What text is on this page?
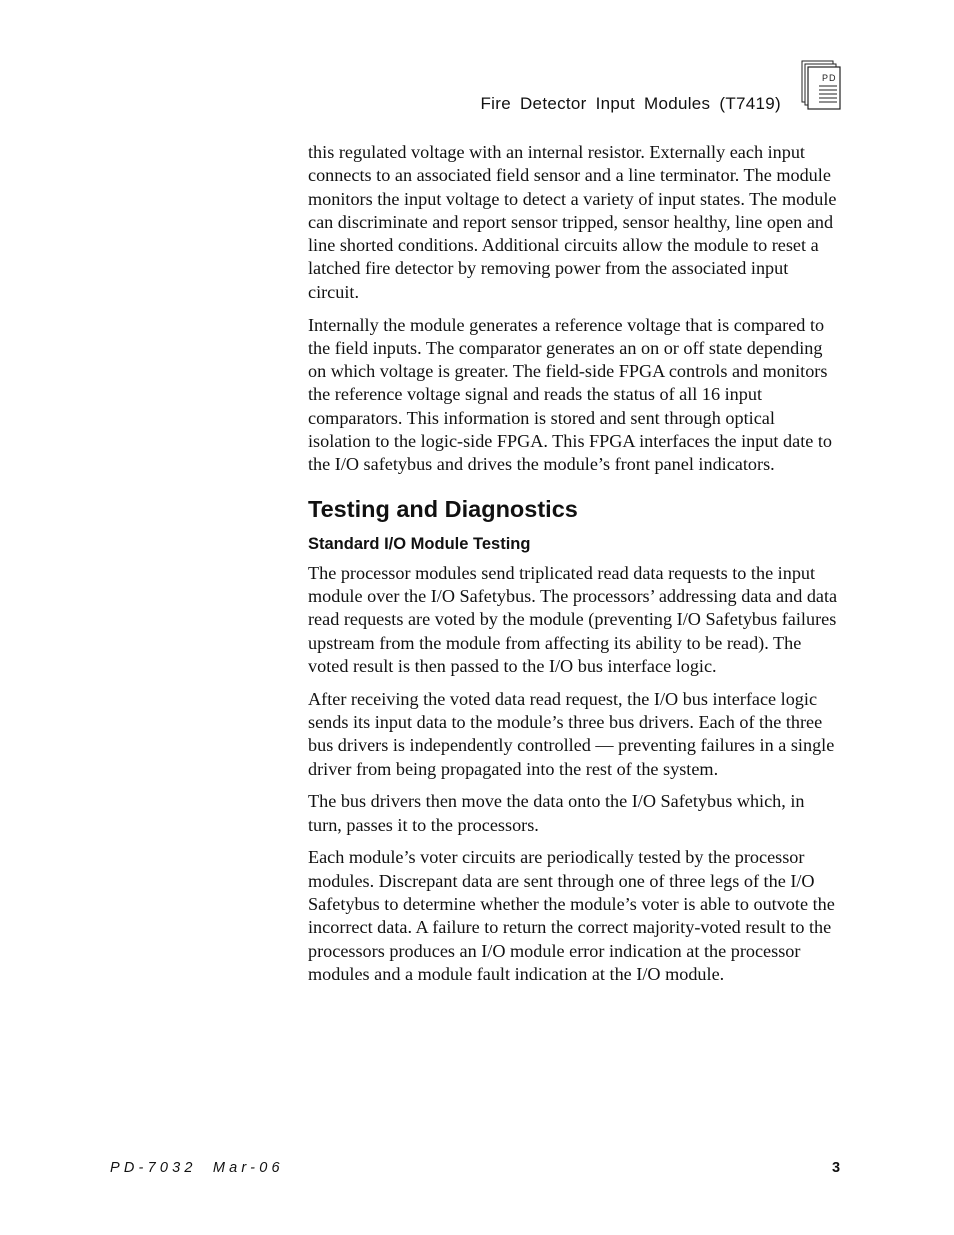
Fire Detector Input Modules (T7419)
PD

this regulated voltage with an internal resistor. Externally each input connects to an associated field sensor and a line terminator. The module monitors the input voltage to detect a variety of input states. The module can discriminate and report sensor tripped, sensor healthy, line open and line shorted conditions. Additional circuits allow the module to reset a latched fire detector by removing power from the associated input circuit.

Internally the module generates a reference voltage that is compared to the field inputs. The comparator generates an on or off state depending on which voltage is greater. The field-side FPGA controls and monitors the reference voltage signal and reads the status of all 16 input comparators. This information is stored and sent through optical isolation to the logic-side FPGA. This FPGA interfaces the input date to the I/O safetybus and drives the module’s front panel indicators.

Testing and Diagnostics
Standard I/O Module Testing

The processor modules send triplicated read data requests to the input module over the I/O Safetybus. The processors’ addressing data and data read requests are voted by the module (preventing I/O Safetybus failures upstream from the module from affecting its ability to be read). The voted result is then passed to the I/O bus interface logic.

After receiving the voted data read request, the I/O bus interface logic sends its input data to the module’s three bus drivers. Each of the three bus drivers is independently controlled — preventing failures in a single driver from being propagated into the rest of the system.

The bus drivers then move the data onto the I/O Safetybus which, in turn, passes it to the processors.

Each module’s voter circuits are periodically tested by the processor modules. Discrepant data are sent through one of three legs of the I/O Safetybus to determine whether the module’s voter is able to outvote the incorrect data. A failure to return the correct majority-voted result to the processors produces an I/O module error indication at the processor modules and a module fault indication at the I/O module.

PD-7032 Mar-06	3
